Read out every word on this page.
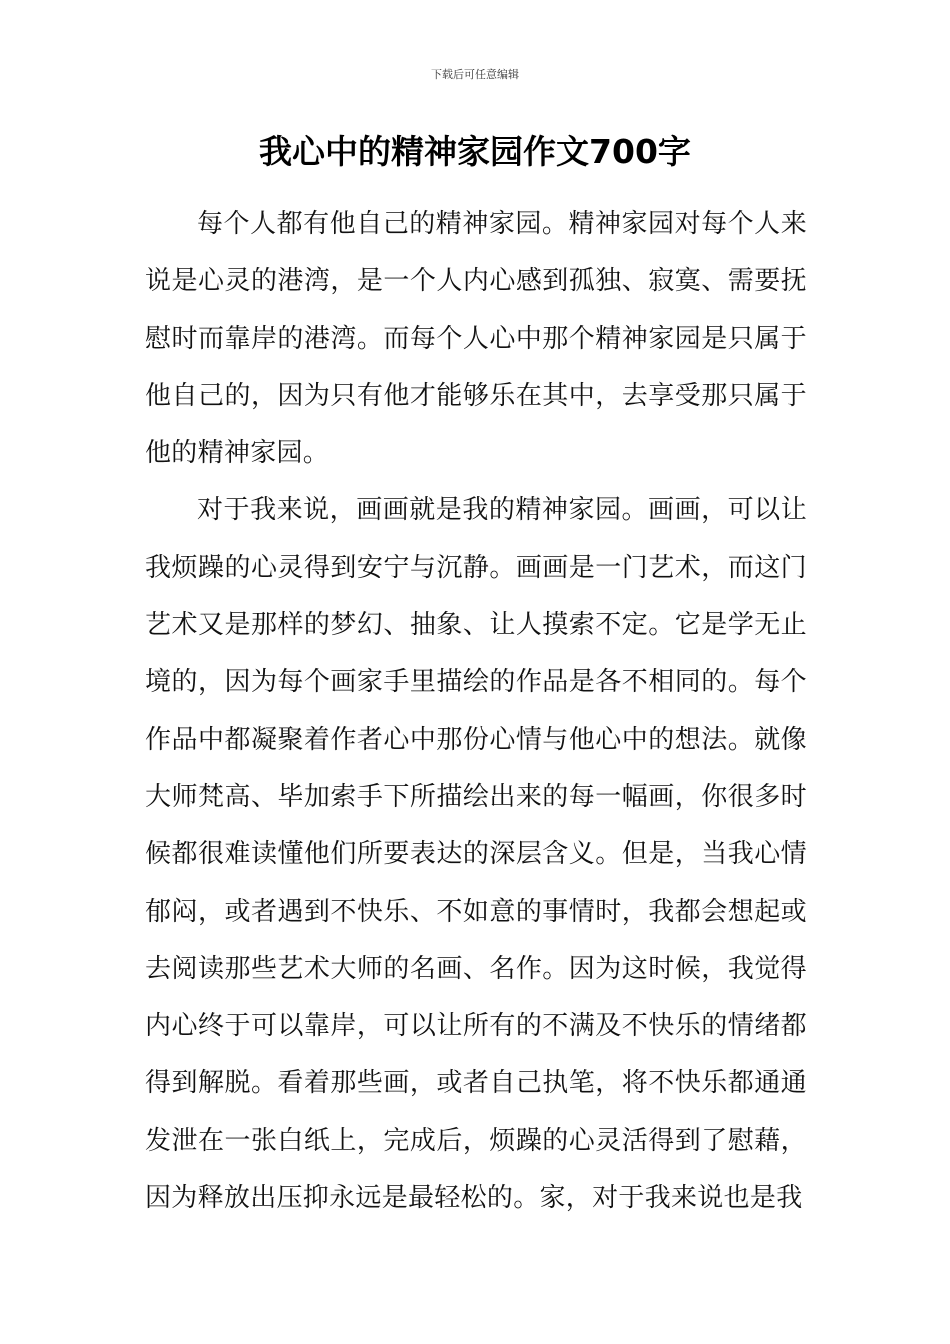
下载后可任意编辑
我心中的精神家园作文700字

每个人都有他自己的精神家园。精神家园对每个人来说是心灵的港湾，是一个人内心感到孤独、寂寞、需要抚慰时而靠岸的港湾。而每个人心中那个精神家园是只属于他自己的，因为只有他才能够乐在其中，去享受那只属于他的精神家园。

对于我来说，画画就是我的精神家园。画画，可以让我烦躁的心灵得到安宁与沉静。画画是一门艺术，而这门艺术又是那样的梦幻、抽象、让人摸索不定。它是学无止境的，因为每个画家手里描绘的作品是各不相同的。每个作品中都凝聚着作者心中那份心情与他心中的想法。就像大师梵高、毕加索手下所描绘出来的每一幅画，你很多时候都很难读懂他们所要表达的深层含义。但是，当我心情郁闷，或者遇到不快乐、不如意的事情时，我都会想起或去阅读那些艺术大师的名画、名作。因为这时候，我觉得内心终于可以靠岸，可以让所有的不满及不快乐的情绪都得到解脱。看着那些画，或者自己执笔，将不快乐都通通发泄在一张白纸上，完成后，烦躁的心灵活得到了慰藉，因为释放出压抑永远是最轻松的。家，对于我来说也是我
